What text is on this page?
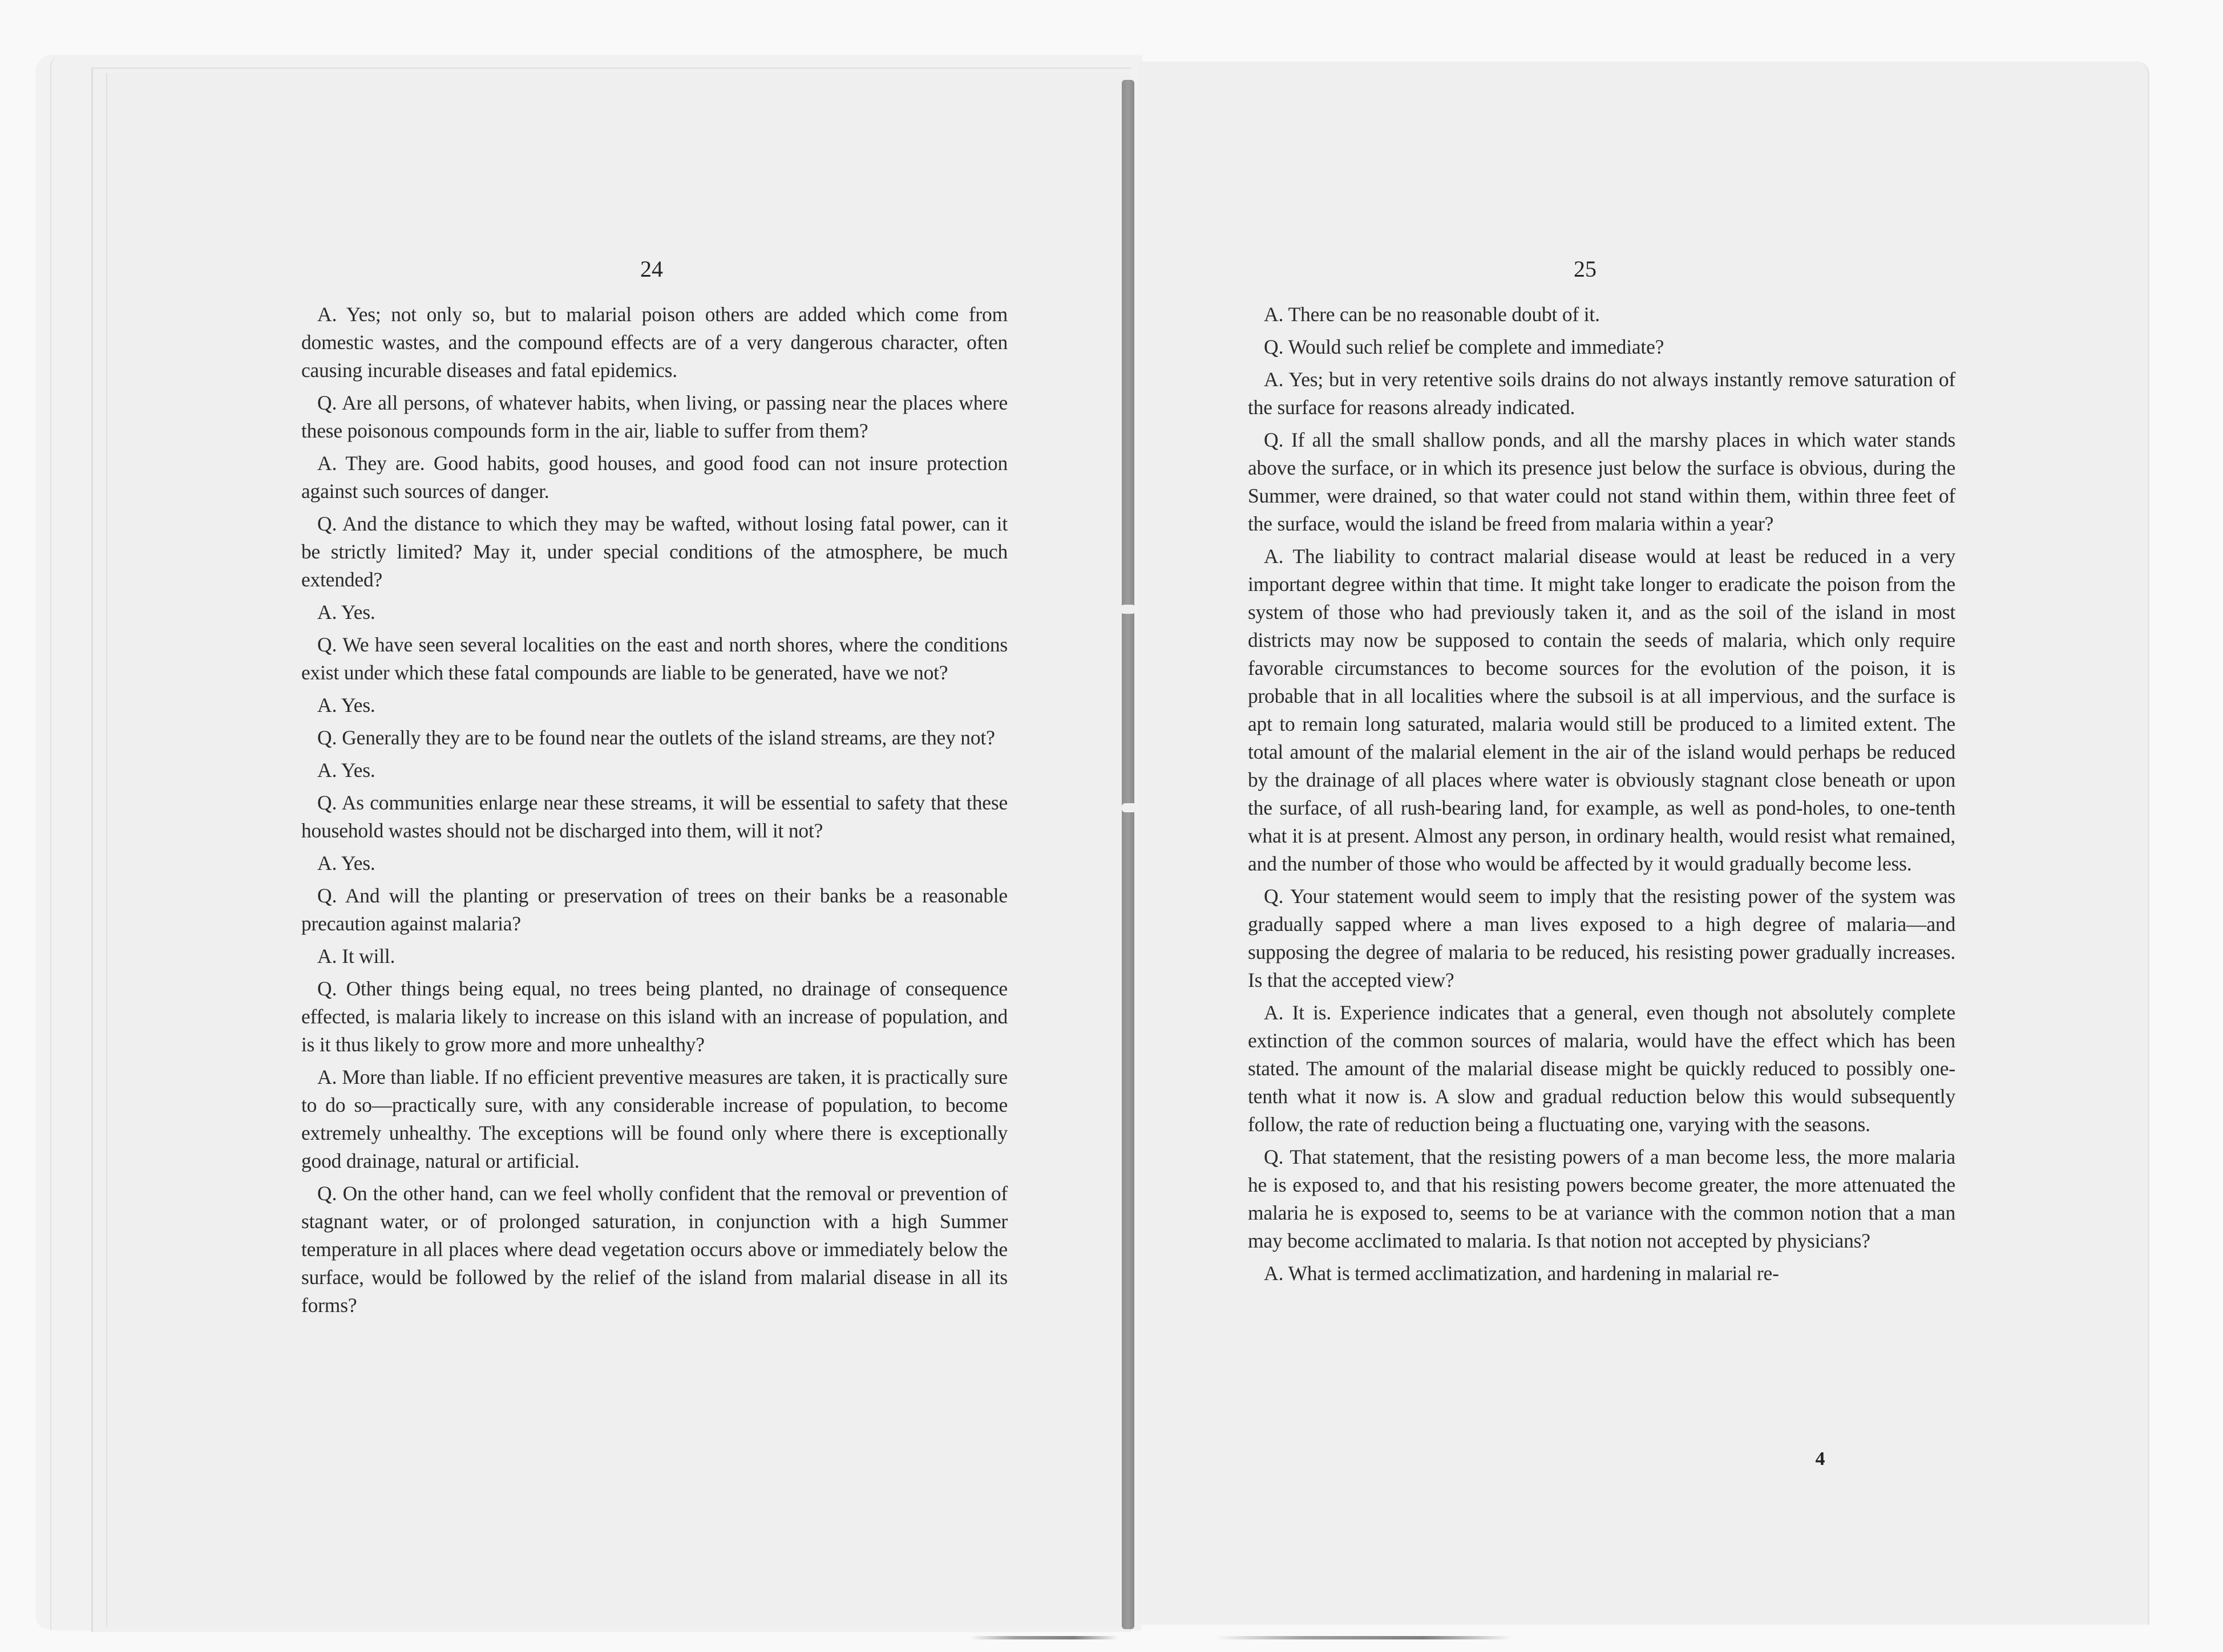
24

A. Yes; not only so, but to malarial poison others are added which come from domestic wastes, and the compound effects are of a very dangerous character, often causing incurable diseases and fatal epidemics.

Q. Are all persons, of whatever habits, when living, or passing near the places where these poisonous compounds form in the air, liable to suffer from them?

A. They are. Good habits, good houses, and good food can not insure protection against such sources of danger.

Q. And the distance to which they may be wafted, without losing fatal power, can it be strictly limited? May it, under special conditions of the atmosphere, be much extended?

A. Yes.

Q. We have seen several localities on the east and north shores, where the conditions exist under which these fatal compounds are liable to be generated, have we not?

A. Yes.

Q. Generally they are to be found near the outlets of the island streams, are they not?

A. Yes.

Q. As communities enlarge near these streams, it will be essential to safety that these household wastes should not be discharged into them, will it not?

A. Yes.

Q. And will the planting or preservation of trees on their banks be a reasonable precaution against malaria?

A. It will.

Q. Other things being equal, no trees being planted, no drainage of consequence effected, is malaria likely to increase on this island with an increase of population, and is it thus likely to grow more and more unhealthy?

A. More than liable. If no efficient preventive measures are taken, it is practically sure to do so—practically sure, with any considerable increase of population, to become extremely unhealthy. The exceptions will be found only where there is exceptionally good drainage, natural or artificial.

Q. On the other hand, can we feel wholly confident that the removal or prevention of stagnant water, or of prolonged saturation, in conjunction with a high Summer temperature in all places where dead vegetation occurs above or immediately below the surface, would be followed by the relief of the island from malarial disease in all its forms?

25

A. There can be no reasonable doubt of it.

Q. Would such relief be complete and immediate?

A. Yes; but in very retentive soils drains do not always instantly remove saturation of the surface for reasons already indicated.

Q. If all the small shallow ponds, and all the marshy places in which water stands above the surface, or in which its presence just below the surface is obvious, during the Summer, were drained, so that water could not stand within them, within three feet of the surface, would the island be freed from malaria within a year?

A. The liability to contract malarial disease would at least be reduced in a very important degree within that time. It might take longer to eradicate the poison from the system of those who had previously taken it, and as the soil of the island in most districts may now be supposed to contain the seeds of malaria, which only require favorable circumstances to become sources for the evolution of the poison, it is probable that in all localities where the subsoil is at all impervious, and the surface is apt to remain long saturated, malaria would still be produced to a limited extent. The total amount of the malarial element in the air of the island would perhaps be reduced by the drainage of all places where water is obviously stagnant close beneath or upon the surface, of all rush-bearing land, for example, as well as pond-holes, to one-tenth what it is at present. Almost any person, in ordinary health, would resist what remained, and the number of those who would be affected by it would gradually become less.

Q. Your statement would seem to imply that the resisting power of the system was gradually sapped where a man lives exposed to a high degree of malaria—and supposing the degree of malaria to be reduced, his resisting power gradually increases. Is that the accepted view?

A. It is. Experience indicates that a general, even though not absolutely complete extinction of the common sources of malaria, would have the effect which has been stated. The amount of the malarial disease might be quickly reduced to possibly one-tenth what it now is. A slow and gradual reduction below this would subsequently follow, the rate of reduction being a fluctuating one, varying with the seasons.

Q. That statement, that the resisting powers of a man become less, the more malaria he is exposed to, and that his resisting powers become greater, the more attenuated the malaria he is exposed to, seems to be at variance with the common notion that a man may become acclimated to malaria. Is that notion not accepted by physicians?

A. What is termed acclimatization, and hardening in malarial re-

4
